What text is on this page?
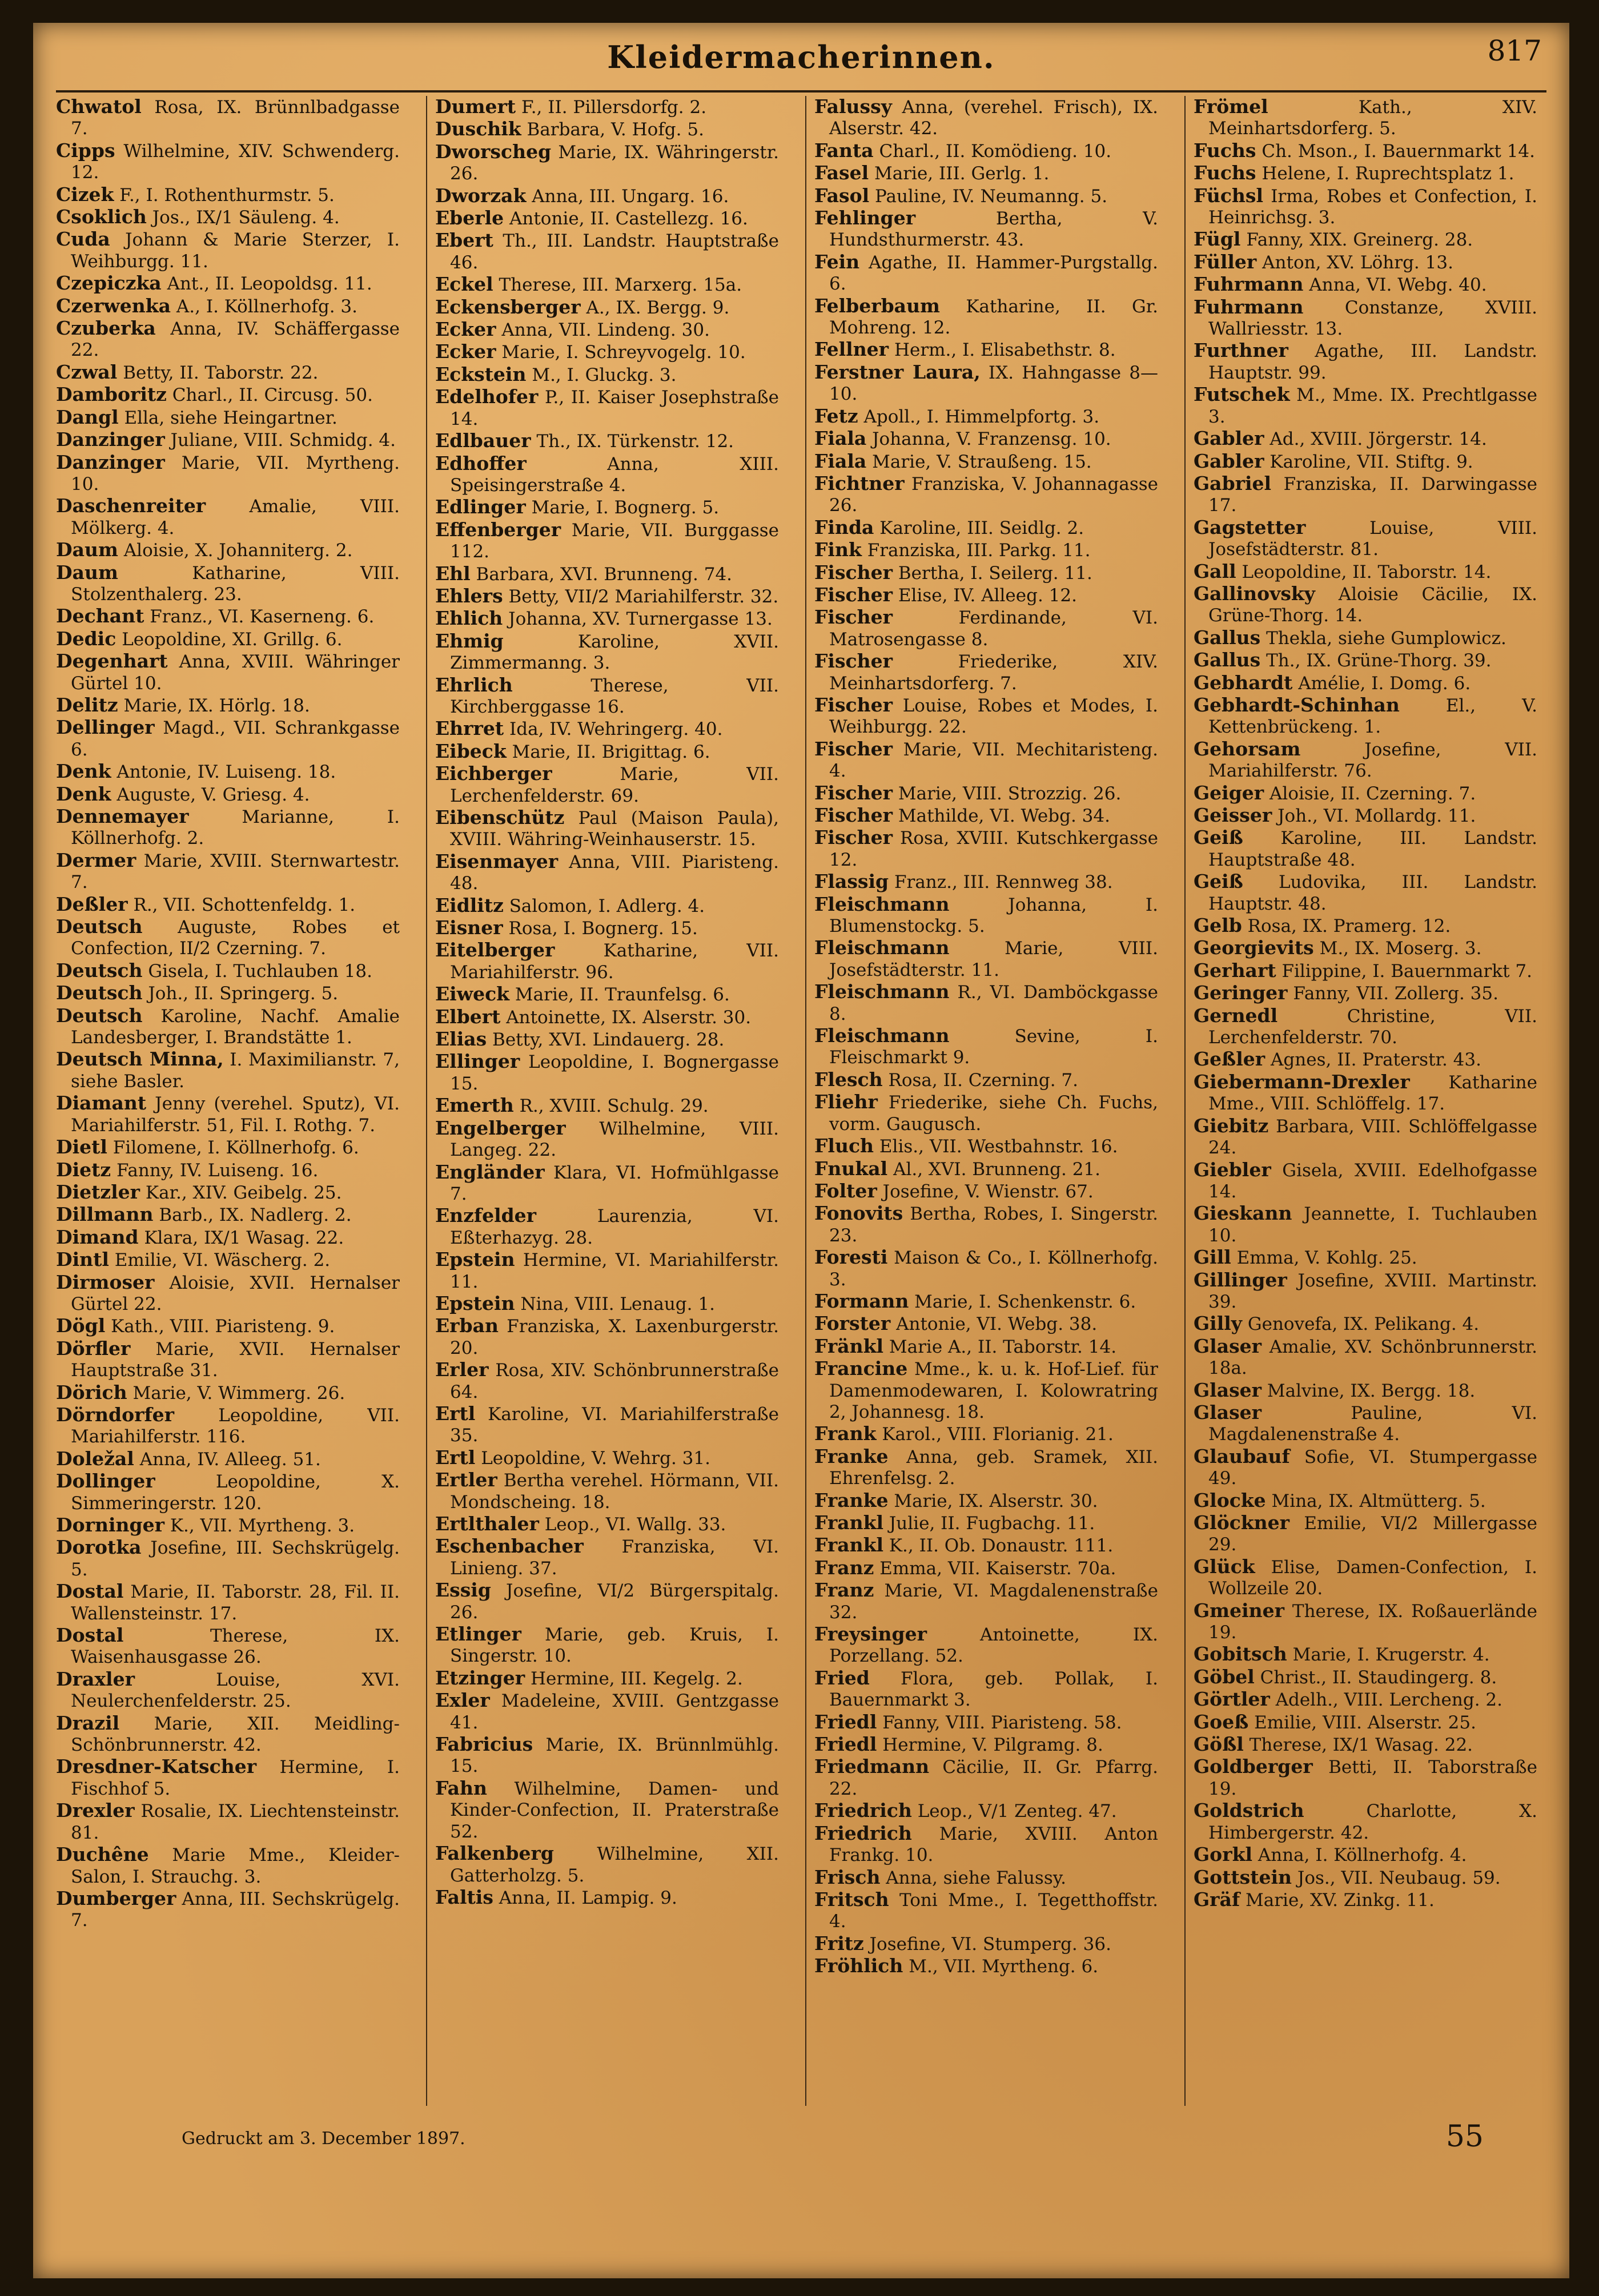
Kleidermacherinnen.	817
Chwatol Rosa, IX. Brünnlbadgasse 7.
Cipps Wilhelmine, XIV. Schwenderg. 12.
Cizek F., I. Rothenthurmstr. 5.
Csoklich Jos., IX/1 Säuleng. 4.
Cuda Johann & Marie Sterzer, I. Weihburgg. 11.
Czepiczka Ant., II. Leopoldsg. 11.
Czerwenka A., I. Köllnerhofg. 3.
Czuberka Anna, IV. Schäffergasse 22.
Czwal Betty, II. Taborstr. 22.
Damboritz Charl., II. Circusg. 50.
Dangl Ella, siehe Heingartner.
Danzinger Juliane, VIII. Schmidg. 4.
Danzinger Marie, VII. Myrtheng. 10.
Daschenreiter Amalie, VIII. Mölkerg. 4.
Daum Aloisie, X. Johanniterg. 2.
Daum	Katharine, VIII. Stolzenthalerg. 23.
Dechant Franz., VI. Kaserneng. 6.
Dedic Leopoldine, XI. Grillg. 6.
Degenhart Anna, XVIII. Währinger Gürtel 10.
Delitz Marie, IX. Hörlg. 18.
Dellinger Magd., VII. Schrankgasse 6.
Denk Antonie, IV. Luiseng. 18.
Denk Auguste, V. Griesg. 4.
Dennemayer	Marianne, I. Köllnerhofg. 2.
Dermer Marie, XVIII. Sternwartestr. 7.
Deßler R., VII. Schottenfeldg. 1.
Deutsch Auguste, Robes et Confection, II/2 Czerning. 7.
Deutsch Gisela, I. Tuchlauben 18.
Deutsch Joh., II. Springerg. 5.
Deutsch Karoline, Nachf. Amalie Landesberger, I. Brandstätte 1.
Deutsch Minna, I. Maximilianstr. 7, siehe Basler.
Diamant Jenny (verehel. Sputz), VI. Mariahilferstr. 51, Fil. I. Rothg. 7.
Dietl Filomene, I. Köllnerhofg. 6.
Dietz Fanny, IV. Luiseng. 16.
Dietzler Kar., XIV. Geibelg. 25.
Dillmann Barb., IX. Nadlerg. 2.
Dimand Klara, IX/1 Wasag. 22.
Dintl Emilie, VI. Wäscherg. 2.
Dirmoser Aloisie, XVII. Hernalser Gürtel 22.
Dögl Kath., VIII. Piaristeng. 9.
Dörfler Marie, XVII. Hernalser Hauptstraße 31.
Dörich Marie, V. Wimmerg. 26.
Dörndorfer Leopoldine, VII. Mariahilferstr. 116.
Doležal Anna, IV. Alleeg. 51.
Dollinger	Leopoldine, X. Simmeringerstr. 120.
Dorninger K., VII. Myrtheng. 3.
Dorotka Josefine, III. Sechskrügelg. 5.
Dostal Marie, II. Taborstr. 28, Fil. II. Wallensteinstr. 17.
Dostal	Therese, IX. Waisenhausgasse 26.
Draxler	Louise, XVI. Neulerchenfelderstr. 25.
Drazil Marie, XII. Meidling-Schönbrunnerstr. 42.
Dresdner-Katscher Hermine, I. Fischhof 5.
Drexler Rosalie, IX. Liechtensteinstr. 81.
Duchêne Marie Mme., Kleider-Salon, I. Strauchg. 3.
Dumberger Anna, III. Sechskrügelg. 7.
Dumert F., II. Pillersdorfg. 2.
Duschik Barbara, V. Hofg. 5.
Dworscheg Marie, IX. Währingerstr. 26.
Dworzak Anna, III. Ungarg. 16.
Eberle Antonie, II. Castellezg. 16.
Ebert Th., III. Landstr. Hauptstraße 46.
Eckel Therese, III. Marxerg. 15a.
Eckensberger A., IX. Bergg. 9.
Ecker Anna, VII. Lindeng. 30.
Ecker Marie, I. Schreyvogelg. 10.
Eckstein M., I. Gluckg. 3.
Edelhofer P., II. Kaiser Josephstraße 14.
Edlbauer Th., IX. Türkenstr. 12.
Edhoffer	Anna, XIII. Speisingerstraße 4.
Edlinger Marie, I. Bognerg. 5.
Effenberger Marie, VII. Burggasse 112.
Ehl Barbara, XVI. Brunneng. 74.
Ehlers Betty, VII/2 Mariahilferstr. 32.
Ehlich Johanna, XV. Turnergasse 13.
Ehmig	Karoline, XVII. Zimmermanng. 3.
Ehrlich	Therese, VII. Kirchberggasse 16.
Ehrret Ida, IV. Wehringerg. 40.
Eibeck Marie, II. Brigittag. 6.
Eichberger	Marie, VII. Lerchenfelderstr. 69.
Eibenschütz Paul (Maison Paula), XVIII. Währing-Weinhauserstr. 15.
Eisenmayer Anna, VIII. Piaristeng. 48.
Eidlitz Salomon, I. Adlerg. 4.
Eisner Rosa, I. Bognerg. 15.
Eitelberger	Katharine, VII. Mariahilferstr. 96.
Eiweck Marie, II. Traunfelsg. 6.
Elbert Antoinette, IX. Alserstr. 30.
Elias Betty, XVI. Lindauerg. 28.
Ellinger Leopoldine, I. Bognergasse 15.
Emerth R., XVIII. Schulg. 29.
Engelberger Wilhelmine, VIII. Langeg. 22.
Engländer Klara, VI. Hofmühlgasse 7.
Enzfelder	Laurenzia, VI. Eßterhazyg. 28.
Epstein Hermine, VI. Mariahilferstr. 11.
Epstein Nina, VIII. Lenaug. 1.
Erban Franziska, X. Laxenburgerstr. 20.
Erler Rosa, XIV. Schönbrunnerstraße 64.
Ertl Karoline, VI. Mariahilferstraße 35.
Ertl Leopoldine, V. Wehrg. 31.
Ertler Bertha verehel. Hörmann, VII. Mondscheing. 18.
Ertlthaler Leop., VI. Wallg. 33.
Eschenbacher Franziska, VI. Linieng. 37.
Essig Josefine, VI/2 Bürgerspitalg. 26.
Etlinger Marie, geb. Kruis, I. Singerstr. 10.
Etzinger Hermine, III. Kegelg. 2.
Exler Madeleine, XVIII. Gentzgasse 41.
Fabricius Marie, IX. Brünnlmühlg. 15.
Fahn Wilhelmine, Damen- und Kinder-Confection, II. Praterstraße 52.
Falkenberg Wilhelmine, XII. Gatterholzg. 5.
Faltis Anna, II. Lampig. 9.
Falussy Anna, (verehel. Frisch), IX. Alserstr. 42.
Fanta Charl., II. Komödieng. 10.
Fasel Marie, III. Gerlg. 1.
Fasol Pauline, IV. Neumanng. 5.
Fehlinger	Bertha, V. Hundsthurmerstr. 43.
Fein Agathe, II. Hammer-Purgstallg. 6.
Felberbaum Katharine, II. Gr. Mohreng. 12.
Fellner Herm., I. Elisabethstr. 8.
Ferstner Laura, IX. Hahngasse 8—10.
Fetz Apoll., I. Himmelpfortg. 3.
Fiala Johanna, V. Franzensg. 10.
Fiala Marie, V. Straußeng. 15.
Fichtner Franziska, V. Johannagasse 26.
Finda Karoline, III. Seidlg. 2.
Fink Franziska, III. Parkg. 11.
Fischer Bertha, I. Seilerg. 11.
Fischer Elise, IV. Alleeg. 12.
Fischer	Ferdinande, VI. Matrosengasse 8.
Fischer	Friederike, XIV. Meinhartsdorferg. 7.
Fischer Louise, Robes et Modes, I. Weihburgg. 22.
Fischer Marie, VII. Mechitaristeng. 4.
Fischer Marie, VIII. Strozzig. 26.
Fischer Mathilde, VI. Webg. 34.
Fischer Rosa, XVIII. Kutschkergasse 12.
Flassig Franz., III. Rennweg 38.
Fleischmann	Johanna, I. Blumenstockg. 5.
Fleischmann	Marie, VIII. Josefstädterstr. 11.
Fleischmann R., VI. Damböckgasse 8.
Fleischmann	Sevine, I. Fleischmarkt 9.
Flesch Rosa, II. Czerning. 7.
Fliehr Friederike, siehe Ch. Fuchs, vorm. Gaugusch.
Fluch Elis., VII. Westbahnstr. 16.
Fnukal Al., XVI. Brunneng. 21.
Folter Josefine, V. Wienstr. 67.
Fonovits Bertha, Robes, I. Singerstr. 23.
Foresti Maison & Co., I. Köllnerhofg. 3.
Formann Marie, I. Schenkenstr. 6.
Forster Antonie, VI. Webg. 38.
Fränkl Marie A., II. Taborstr. 14.
Francine Mme., k. u. k. Hof-Lief. für Damenmodewaren, I. Kolowratring 2, Johannesg. 18.
Frank Karol., VIII. Florianig. 21.
Franke Anna, geb. Sramek, XII. Ehrenfelsg. 2.
Franke Marie, IX. Alserstr. 30.
Frankl Julie, II. Fugbachg. 11.
Frankl K., II. Ob. Donaustr. 111.
Franz Emma, VII. Kaiserstr. 70a.
Franz Marie, VI. Magdalenenstraße 32.
Freysinger	Antoinette, IX. Porzellang. 52.
Fried Flora, geb. Pollak, I. Bauernmarkt 3.
Friedl Fanny, VIII. Piaristeng. 58.
Friedl Hermine, V. Pilgramg. 8.
Friedmann Cäcilie, II. Gr. Pfarrg. 22.
Friedrich Leop., V/1 Zenteg. 47.
Friedrich Marie, XVIII. Anton Frankg. 10.
Frisch Anna, siehe Falussy.
Fritsch Toni Mme., I. Tegetthoffstr. 4.
Fritz Josefine, VI. Stumperg. 36.
Fröhlich M., VII. Myrtheng. 6.
Frömel	Kath., XIV. Meinhartsdorferg. 5.
Fuchs Ch. Mson., I. Bauernmarkt 14.
Fuchs Helene, I. Ruprechtsplatz 1.
Füchsl Irma, Robes et Confection, I. Heinrichsg. 3.
Fügl Fanny, XIX. Greinerg. 28.
Füller Anton, XV. Löhrg. 13.
Fuhrmann Anna, VI. Webg. 40.
Fuhrmann Constanze, XVIII. Wallriesstr. 13.
Furthner Agathe, III. Landstr. Hauptstr. 99.
Futschek M., Mme. IX. Prechtlgasse 3.
Gabler Ad., XVIII. Jörgerstr. 14.
Gabler Karoline, VII. Stiftg. 9.
Gabriel Franziska, II. Darwingasse 17.
Gagstetter	Louise, VIII. Josefstädterstr. 81.
Gall Leopoldine, II. Taborstr. 14.
Gallinovsky Aloisie Cäcilie, IX. Grüne-Thorg. 14.
Gallus Thekla, siehe Gumplowicz.
Gallus Th., IX. Grüne-Thorg. 39.
Gebhardt Amélie, I. Domg. 6.
Gebhardt-Schinhan	El., V. Kettenbrückeng. 1.
Gehorsam	Josefine, VII. Mariahilferstr. 76.
Geiger Aloisie, II. Czerning. 7.
Geisser Joh., VI. Mollardg. 11.
Geiß Karoline, III. Landstr. Hauptstraße 48.
Geiß Ludovika, III. Landstr. Hauptstr. 48.
Gelb Rosa, IX. Pramerg. 12.
Georgievits M., IX. Moserg. 3.
Gerhart Filippine, I. Bauernmarkt 7.
Geringer Fanny, VII. Zollerg. 35.
Gernedl	Christine, VII. Lerchenfelderstr. 70.
Geßler Agnes, II. Praterstr. 43.
Giebermann-Drexler Katharine Mme., VIII. Schlöffelg. 17.
Giebitz Barbara, VIII. Schlöffelgasse 24.
Giebler Gisela, XVIII. Edelhofgasse 14.
Gieskann Jeannette, I. Tuchlauben 10.
Gill Emma, V. Kohlg. 25.
Gillinger Josefine, XVIII. Martinstr. 39.
Gilly Genovefa, IX. Pelikang. 4.
Glaser Amalie, XV. Schönbrunnerstr. 18a.
Glaser Malvine, IX. Bergg. 18.
Glaser	Pauline, VI. Magdalenenstraße 4.
Glaubauf Sofie, VI. Stumpergasse 49.
Glocke Mina, IX. Altmütterg. 5.
Glöckner Emilie, VI/2 Millergasse 29.
Glück Elise, Damen-Confection, I. Wollzeile 20.
Gmeiner Therese, IX. Roßauerlände 19.
Gobitsch Marie, I. Krugerstr. 4.
Göbel Christ., II. Staudingerg. 8.
Görtler Adelh., VIII. Lercheng. 2.
Goeß Emilie, VIII. Alserstr. 25.
Gößl Therese, IX/1 Wasag. 22.
Goldberger Betti, II. Taborstraße 19.
Goldstrich	Charlotte, X. Himbergerstr. 42.
Gorkl Anna, I. Köllnerhofg. 4.
Gottstein Jos., VII. Neubaug. 59.
Gräf Marie, XV. Zinkg. 11.
Gedruckt am 3. December 1897.	55
